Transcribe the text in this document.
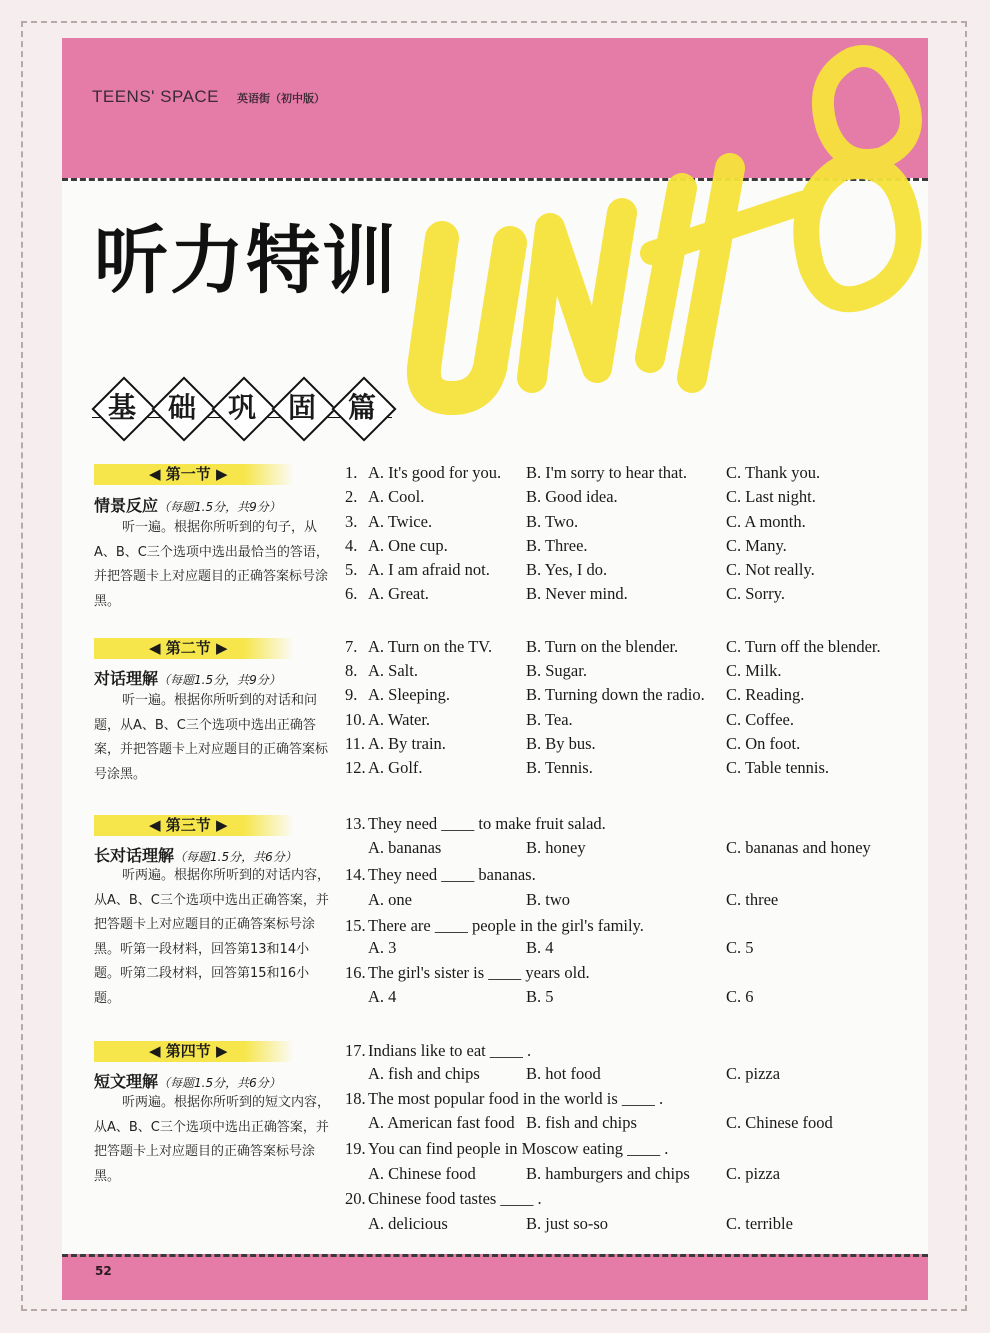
TEENS' SPACE 英语街（初中版）
听力特训
基	础	巩	固	篇
◀ 第一节 ▶
情景反应（每题1.5分，共9分）
听一遍。根据你所听到的句子，从A、B、C三个选项中选出最恰当的答语，并把答题卡上对应题目的正确答案标号涂黑。
◀ 第二节 ▶
对话理解（每题1.5分，共9分）
听一遍。根据你所听到的对话和问题，从A、B、C三个选项中选出正确答案，并把答题卡上对应题目的正确答案标号涂黑。
◀ 第三节 ▶
长对话理解（每题1.5分，共6分）
听两遍。根据你所听到的对话内容，从A、B、C三个选项中选出正确答案，并把答题卡上对应题目的正确答案标号涂黑。听第一段材料，回答第13和14小题。听第二段材料，回答第15和16小题。
◀ 第四节 ▶
短文理解（每题1.5分，共6分）
听两遍。根据你所听到的短文内容，从A、B、C三个选项中选出正确答案，并把答题卡上对应题目的正确答案标号涂黑。
1. A. It's good for you. B. I'm sorry to hear that. C. Thank you.
2. A. Cool.	B. Good idea.	C. Last night.
3. A. Twice.	B. Two.	C. A month.
4. A. One cup.	B. Three.	C. Many.
5. A. I am afraid not. B. Yes, I do.	C. Not really.
6. A. Great.	B. Never mind.	C. Sorry.
7. A. Turn on the TV. B. Turn on the blender.	C. Turn off the blender.
8. A. Salt.	B. Sugar.	C. Milk.
9. A. Sleeping.	B. Turning down the radio. C. Reading.
10. A. Water.	B. Tea.	C. Coffee.
11. A. By train.	B. By bus.	C. On foot.
12. A. Golf.	B. Tennis.	C. Table tennis.
13. They need ____ to make fruit salad.
A. bananas	B. honey	C. bananas and honey
14. They need ____ bananas.
A. one	B. two	C. three
15. There are ____ people in the girl's family.
A. 3	B. 4	C. 5
16. The girl's sister is ____ years old.
A. 4	B. 5	C. 6
17. Indians like to eat ____ .
A. fish and chips	B. hot food	C. pizza
18. The most popular food in the world is ____ .
A. American fast food B. fish and chips	C. Chinese food
19. You can find people in Moscow eating ____ .
A. Chinese food	B. hamburgers and chips C. pizza
20. Chinese food tastes ____ .
A. delicious	B. just so-so	C. terrible
52
